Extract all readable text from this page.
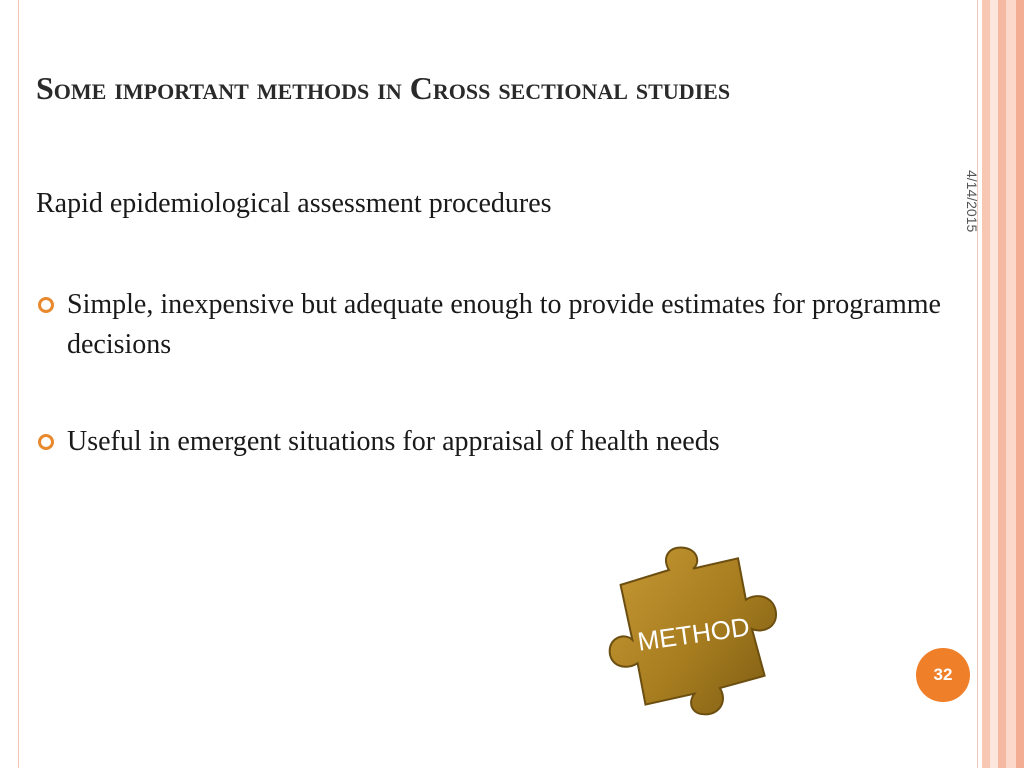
Some important methods in Cross sectional studies
4/14/2015
Rapid epidemiological assessment procedures
Simple, inexpensive but adequate enough to provide estimates for programme decisions
Useful in emergent situations for appraisal of health needs
METHOD
32
